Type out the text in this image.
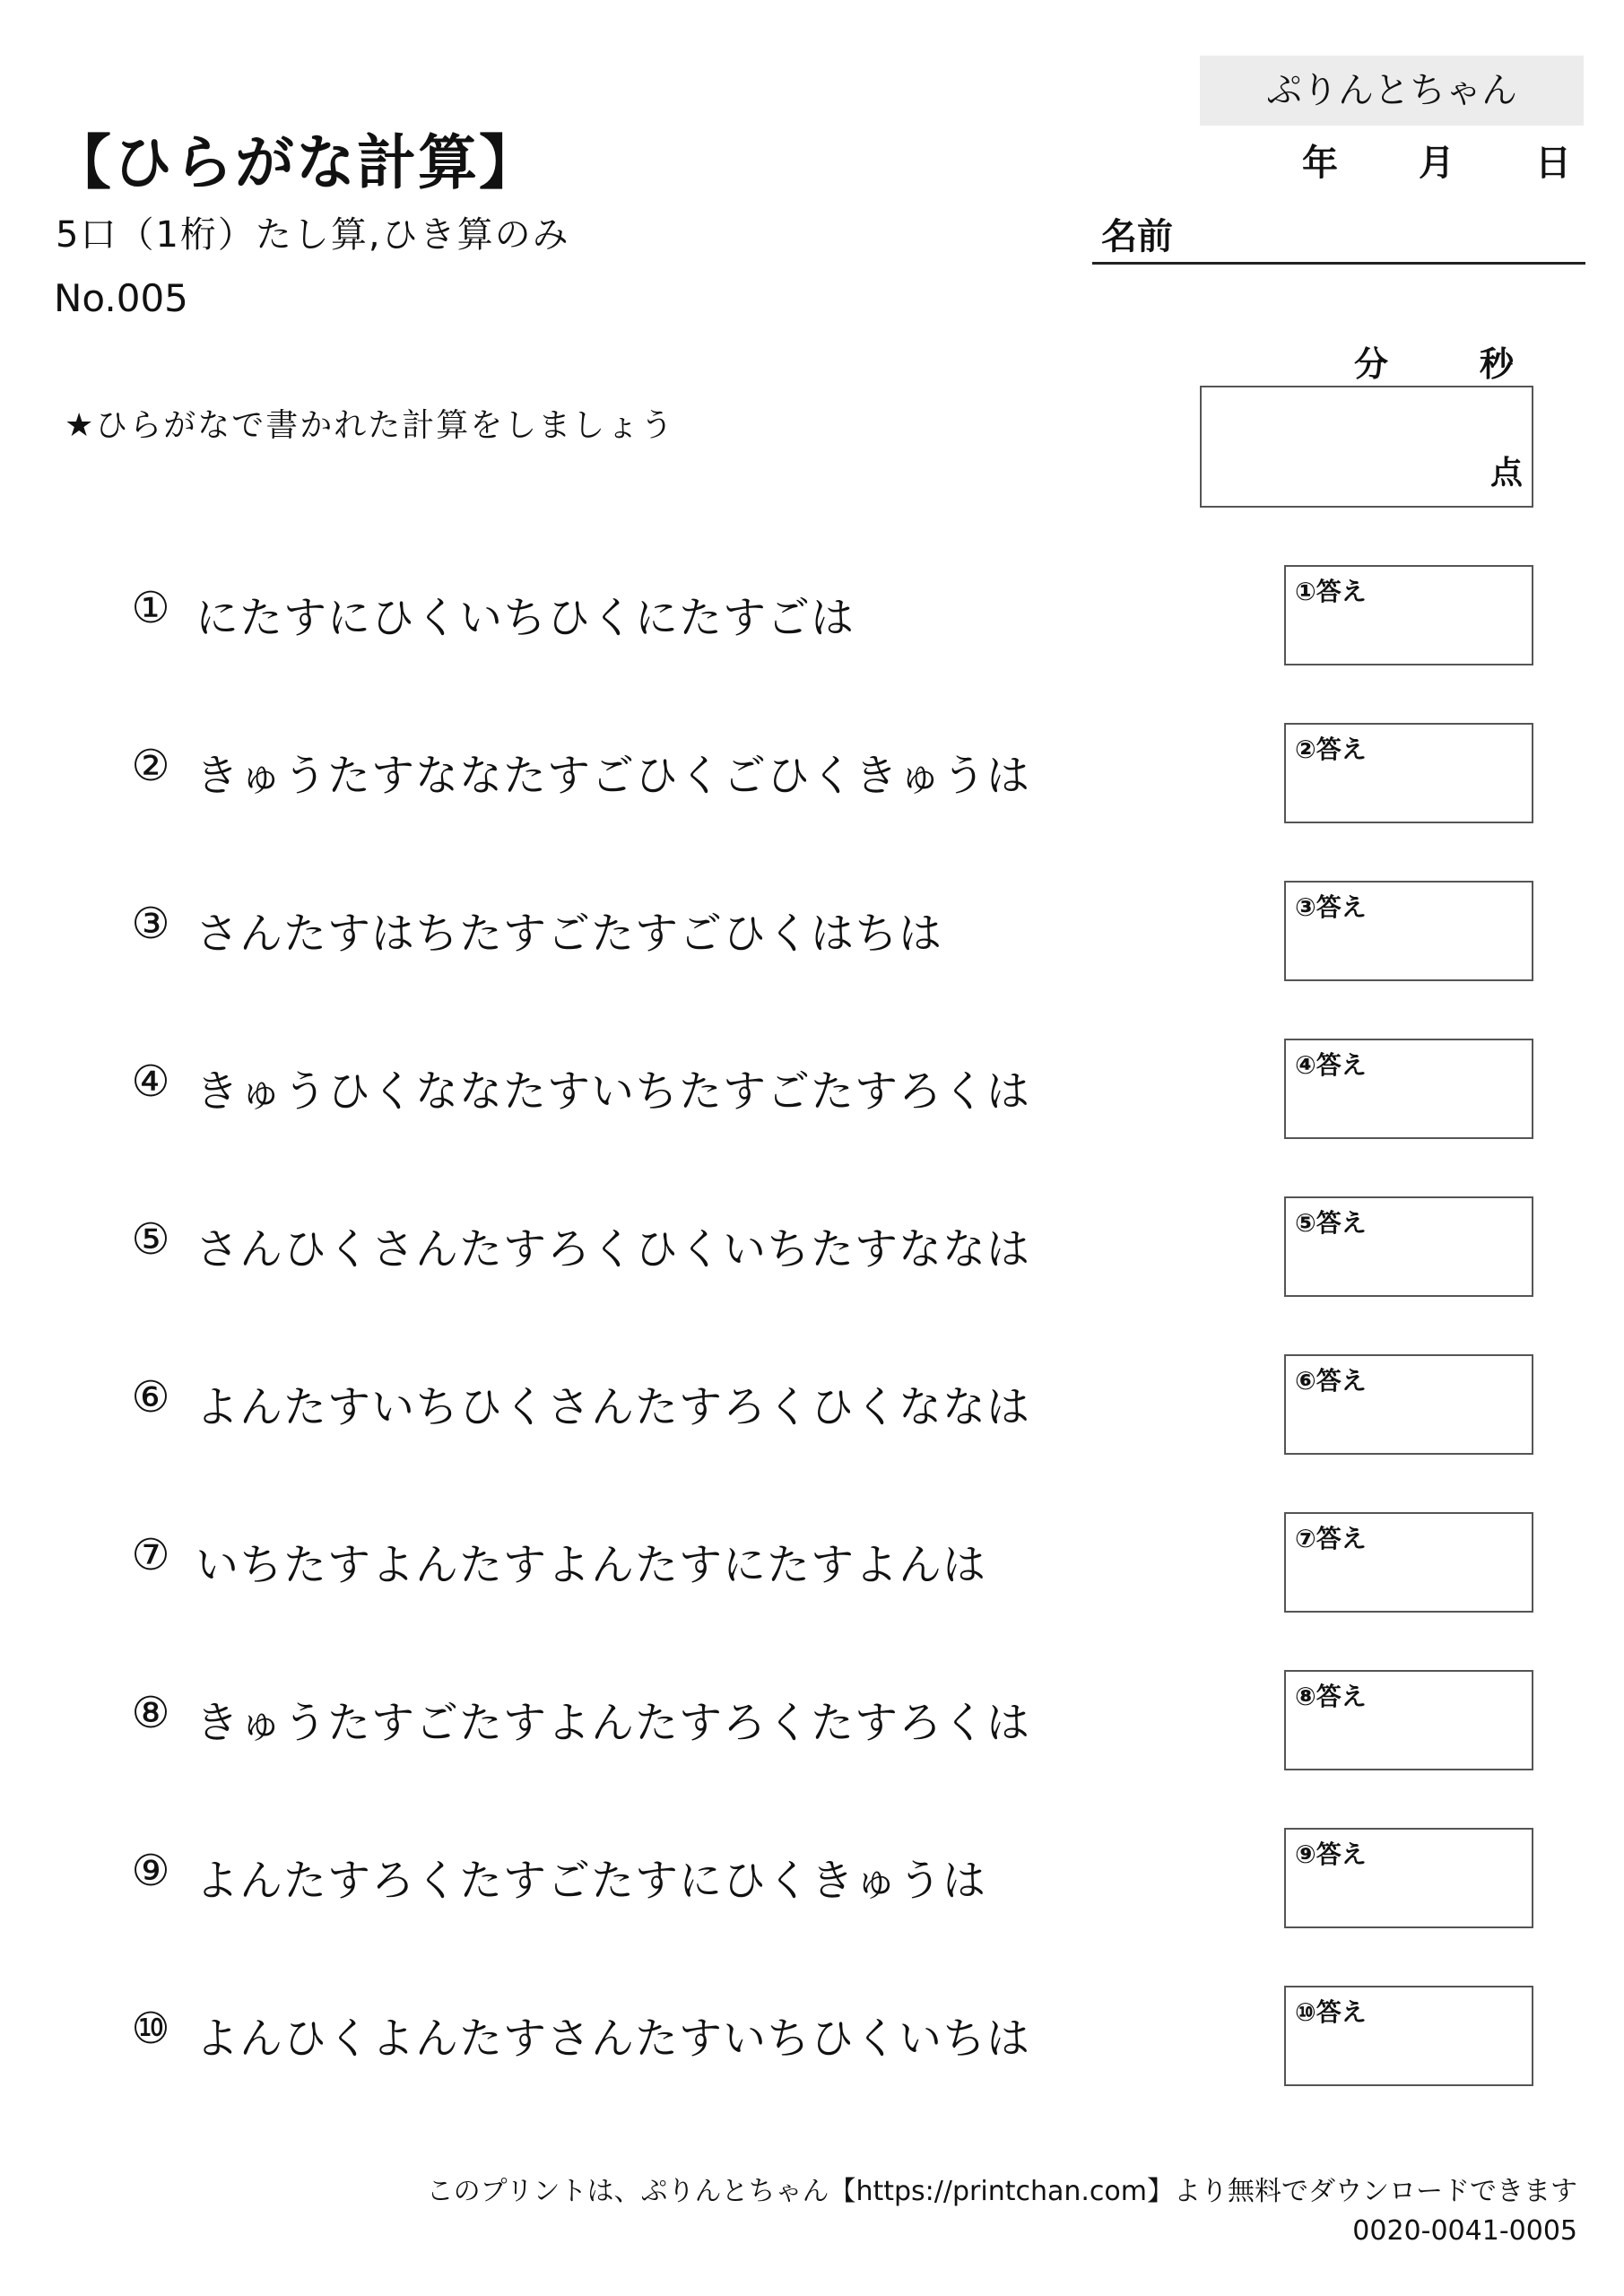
ぷりんとちゃん
年 月 日
【ひらがな計算】
5口（1桁）たし算,ひき算のみ
No.005
名前
分	秒
★ひらがなで書かれた計算をしましょう
点
① にたすにひくいちひくにたすごは
①答え
② きゅうたすななたすごひくごひくきゅうは
②答え
③ さんたすはちたすごたすごひくはちは
③答え
④ きゅうひくななたすいちたすごたすろくは
④答え
⑤ さんひくさんたすろくひくいちたすななは
⑤答え
⑥ よんたすいちひくさんたすろくひくななは
⑥答え
⑦ いちたすよんたすよんたすにたすよんは
⑦答え
⑧ きゅうたすごたすよんたすろくたすろくは
⑧答え
⑨ よんたすろくたすごたすにひくきゅうは
⑨答え
⑩ よんひくよんたすさんたすいちひくいちは
⑩答え
このプリントは、ぷりんとちゃん【https://printchan.com】より無料でダウンロードできます
0020-0041-0005
